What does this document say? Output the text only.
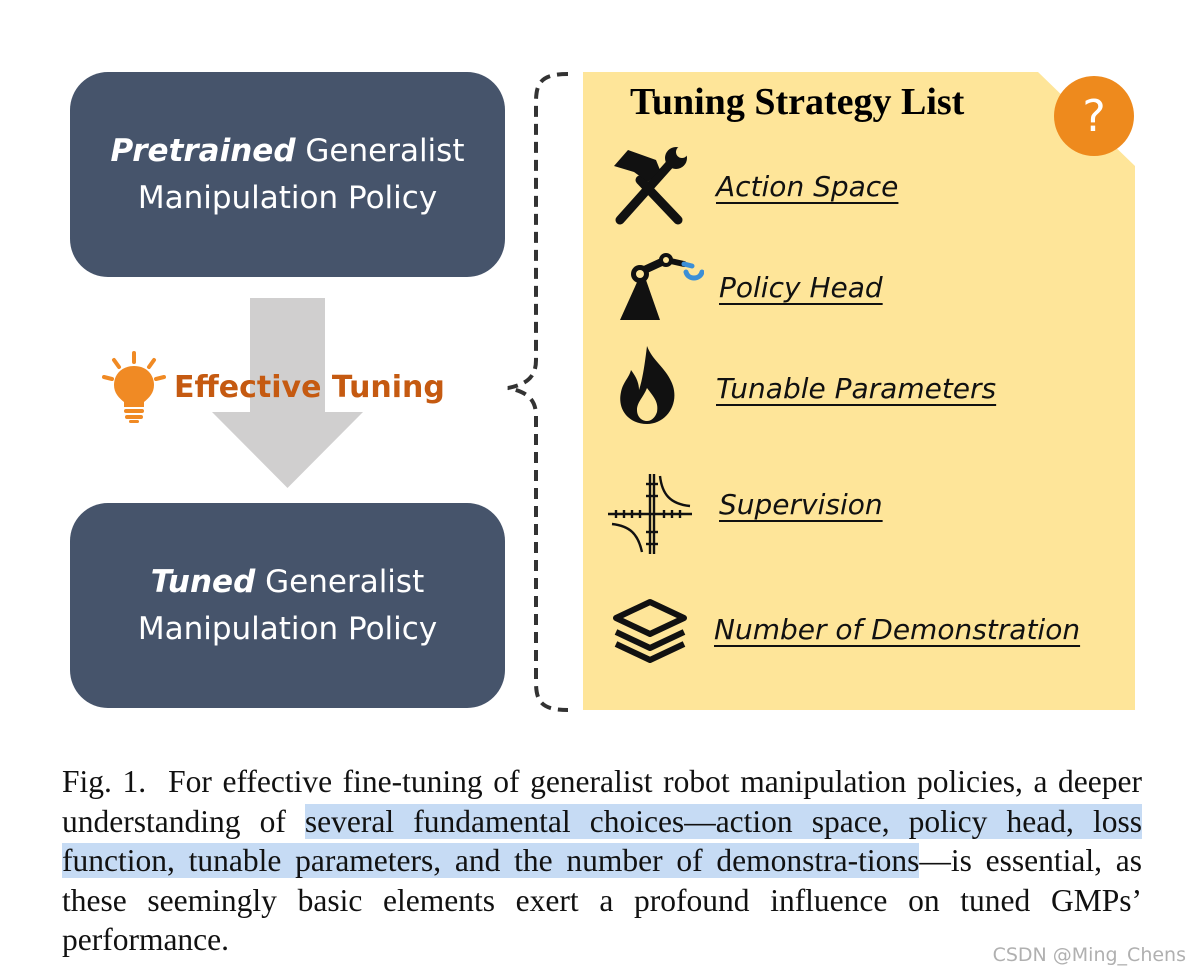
Pretrained Generalist
Manipulation Policy
Effective Tuning
Tuned Generalist
Manipulation Policy
Tuning Strategy List	?
Action Space
Policy Head
Tunable Parameters
Supervision
Number of Demonstration
Fig. 1. For effective fine-tuning of generalist robot manipulation policies, a deeper understanding of several fundamental choices—action space, policy head, loss function, tunable parameters, and the number of demonstra-tions—is essential, as these seemingly basic elements exert a profound influence on tuned GMPs’ performance.	CSDN @Ming_Chens
